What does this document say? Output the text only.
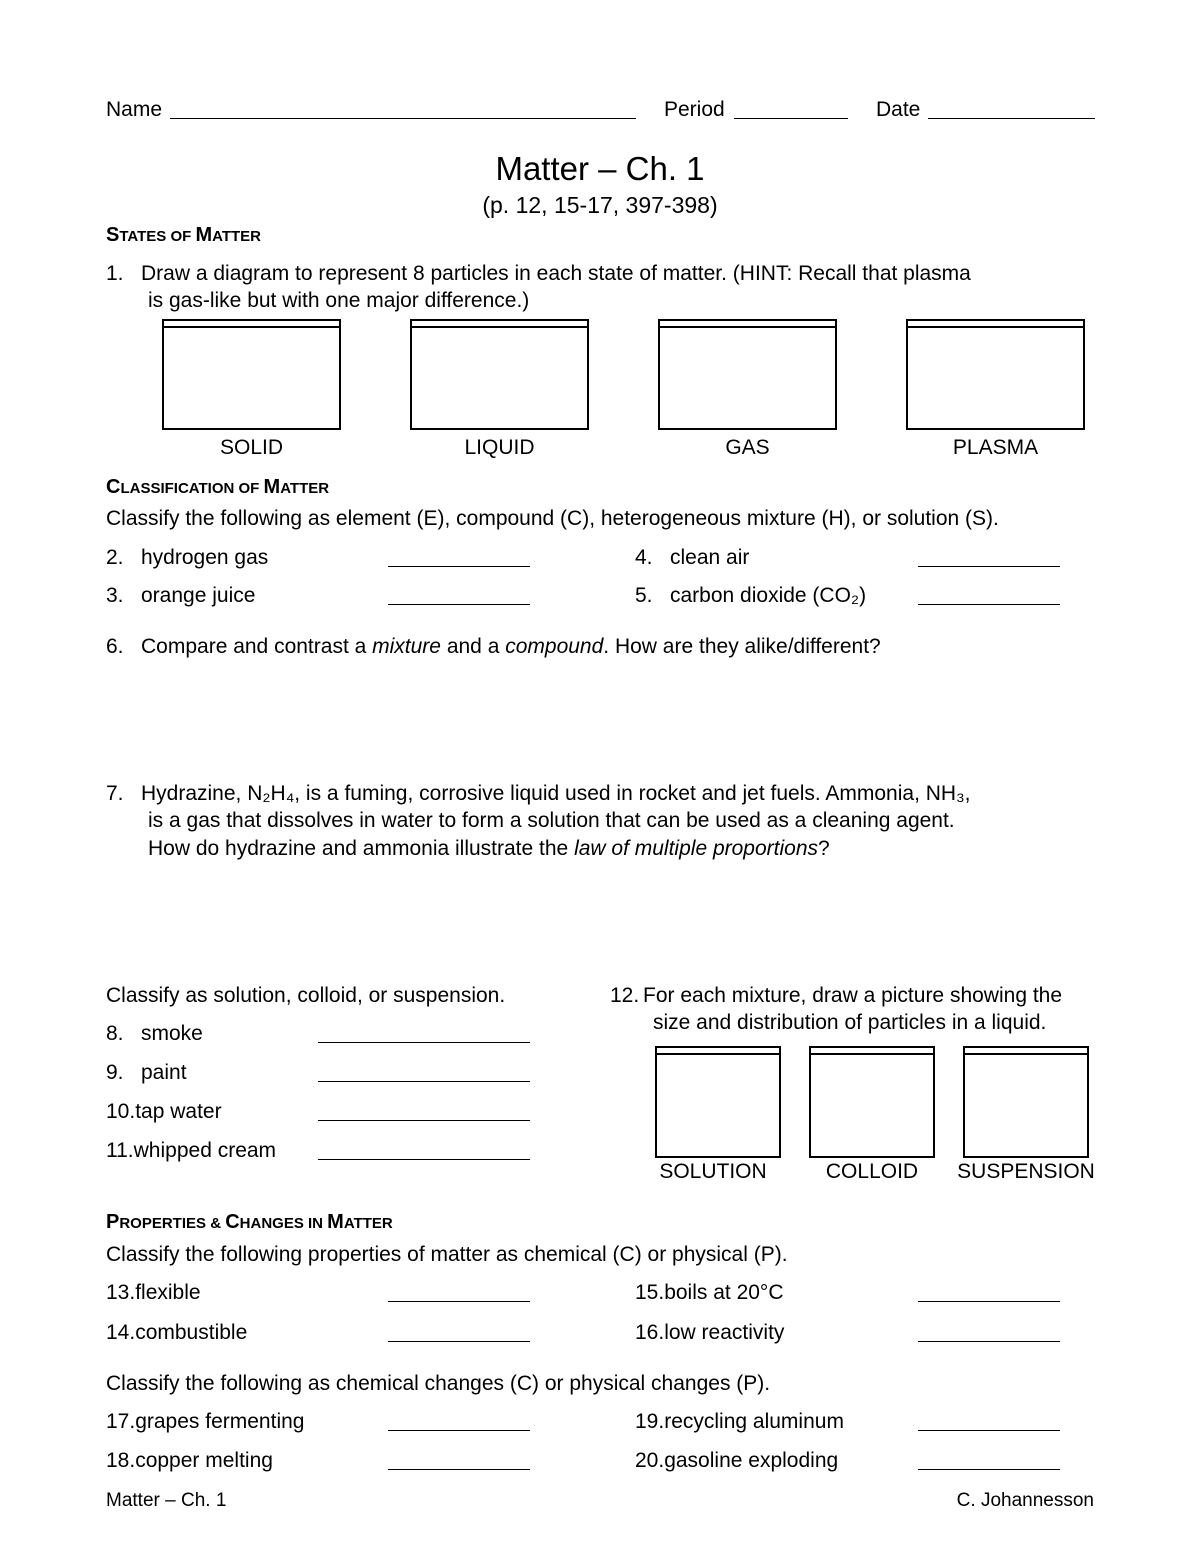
Name	Period	Date
Matter – Ch. 1
(p. 12, 15-17, 397-398)
STATES OF MATTER
1. Draw a diagram to represent 8 particles in each state of matter. (HINT: Recall that plasma
is gas-like but with one major difference.)
SOLID	LIQUID	GAS	PLASMA
CLASSIFICATION OF MATTER
Classify the following as element (E), compound (C), heterogeneous mixture (H), or solution (S).
2. hydrogen gas
3. orange juice
4. clean air
5. carbon dioxide (CO₂)
6. Compare and contrast a mixture and a compound. How are they alike/different?
7. Hydrazine, N₂H₄, is a fuming, corrosive liquid used in rocket and jet fuels. Ammonia, NH₃,
is a gas that dissolves in water to form a solution that can be used as a cleaning agent.
How do hydrazine and ammonia illustrate the law of multiple proportions?
Classify as solution, colloid, or suspension.
8. smoke
9. paint
10.tap water
11.whipped cream
12. For each mixture, draw a picture showing the
size and distribution of particles in a liquid.
SOLUTION	COLLOID	SUSPENSION
PROPERTIES & CHANGES IN MATTER
Classify the following properties of matter as chemical (C) or physical (P).
13.flexible
14.combustible
15.boils at 20°C
16.low reactivity
Classify the following as chemical changes (C) or physical changes (P).
17.grapes fermenting
18.copper melting
19.recycling aluminum
20.gasoline exploding
Matter – Ch. 1	C. Johannesson
